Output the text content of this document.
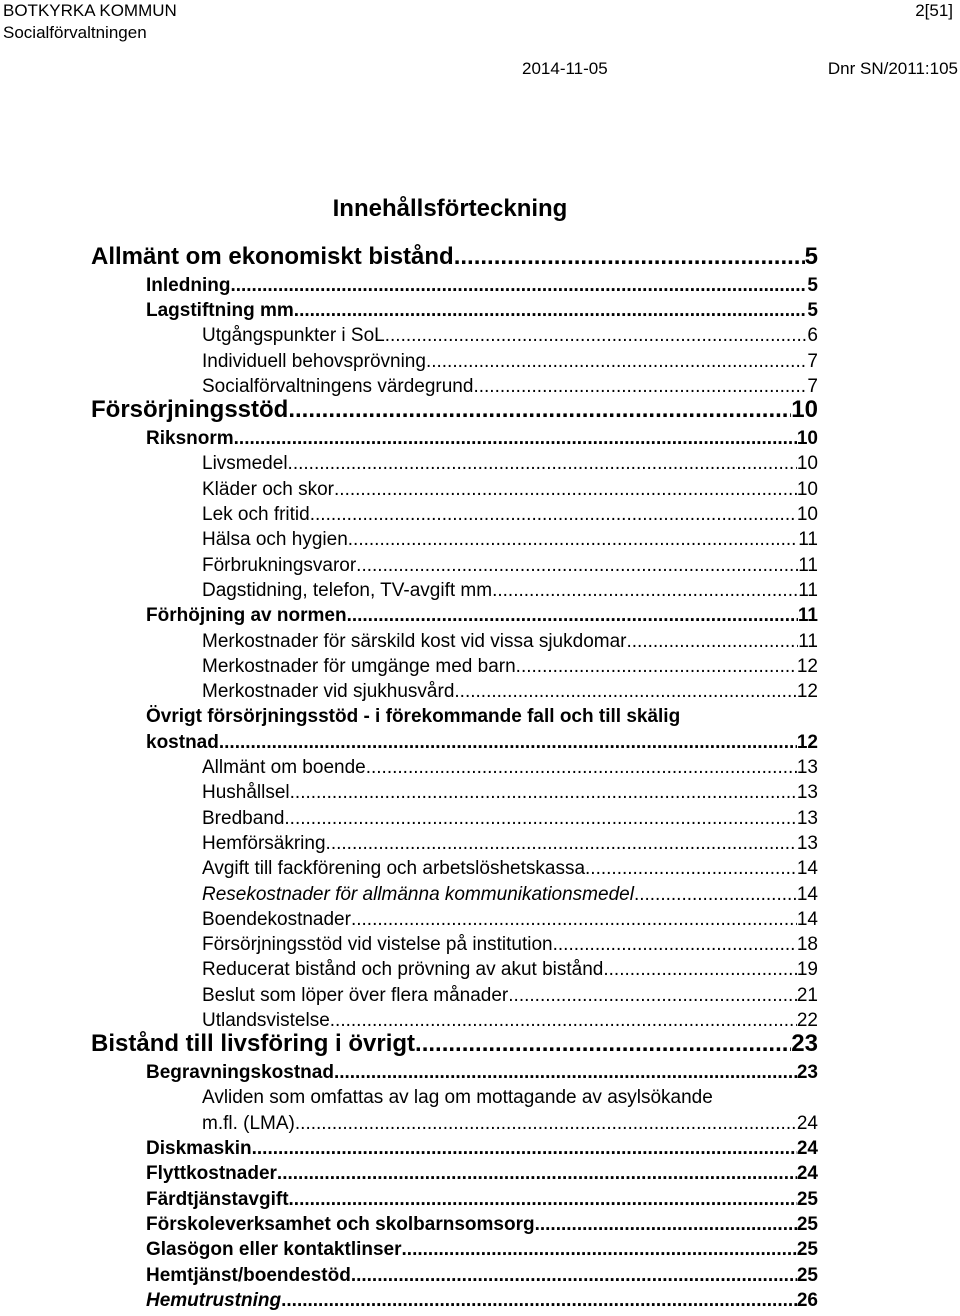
BOTKYRKA KOMMUN
Socialförvaltningen
2[51]
2014-11-05	Dnr SN/2011:105
Innehållsförteckning
Allmänt om ekonomiskt bistånd .....	5
Inledning .....	5
Lagstiftning mm. .....	5
Utgångspunkter i SoL .....	6
Individuell behovsprövning .....	7
Socialförvaltningens värdegrund .....	7
Försörjningsstöd .....	10
Riksnorm .....	10
Livsmedel .....	10
Kläder och skor .....	10
Lek och fritid .....	10
Hälsa och hygien .....	11
Förbrukningsvaror .....	11
Dagstidning, telefon, TV-avgift mm. .....	11
Förhöjning av normen .....	11
Merkostnader för särskild kost vid vissa sjukdomar .....	11
Merkostnader för umgänge med barn .....	12
Merkostnader vid sjukhusvård .....	12
Övrigt försörjningsstöd - i förekommande fall och till skälig
kostnad .....	12
Allmänt om boende .....	13
Hushållsel .....	13
Bredband .....	13
Hemförsäkring .....	13
Avgift till fackförening och arbetslöshetskassa .....	14
Resekostnader för allmänna kommunikationsmedel .....	14
Boendekostnader .....	14
Försörjningsstöd vid vistelse på institution .....	18
Reducerat bistånd och prövning av akut bistånd .....	19
Beslut som löper över flera månader .....	21
Utlandsvistelse .....	22
Bistånd till livsföring i övrigt .....	23
Begravningskostnad .....	23
Avliden som omfattas av lag om mottagande av asylsökande
m.fl. (LMA) .....	24
Diskmaskin .....	24
Flyttkostnader .....	24
Färdtjänstavgift .....	25
Förskoleverksamhet och skolbarnsomsorg .....	25
Glasögon eller kontaktlinser .....	25
Hemtjänst/boendestöd .....	25
Hemutrustning .....	26
